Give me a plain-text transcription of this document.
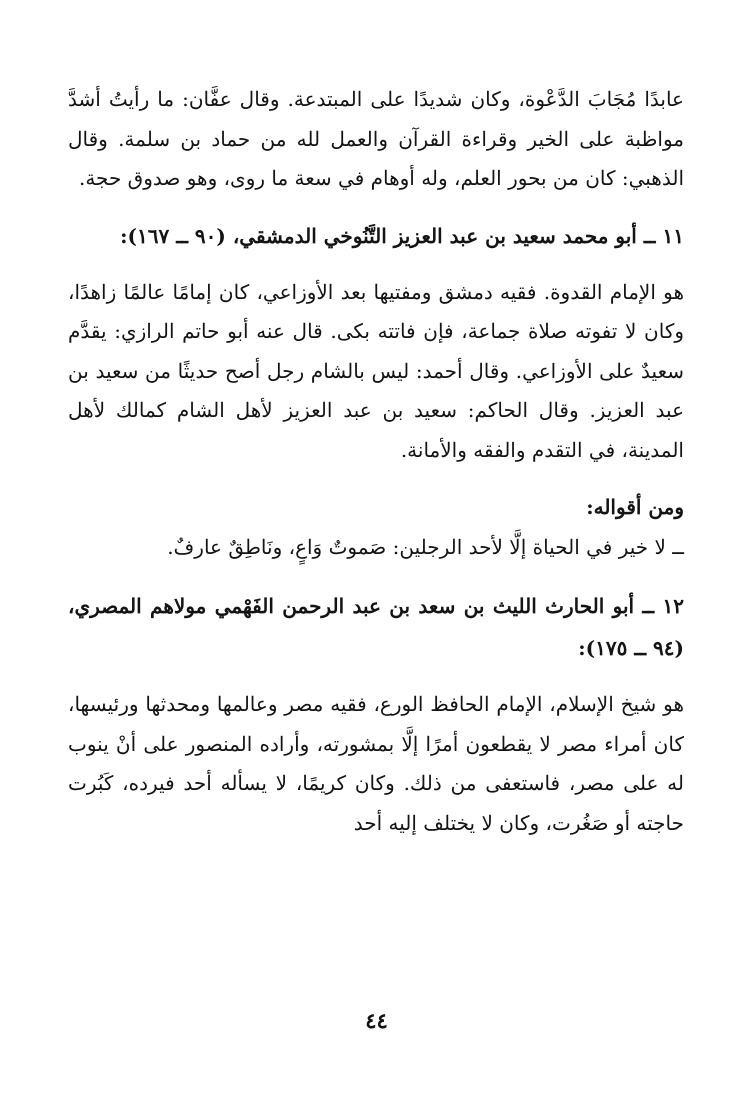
عابدًا مُجَابَ الدَّعْوة، وكان شديدًا على المبتدعة. وقال عفَّان: ما رأيتُ أشدَّ مواظبة على الخير وقراءة القرآن والعمل لله من حماد بن سلمة. وقال الذهبي: كان من بحور العلم، وله أوهام في سعة ما روى، وهو صدوق حجة.

١١ ــ أبو محمد سعيد بن عبد العزيز التَّنُوخي الدمشقي، (٩٠ ــ ١٦٧):

هو الإمام القدوة. فقيه دمشق ومفتيها بعد الأوزاعي، كان إمامًا عالمًا زاهدًا، وكان لا تفوته صلاة جماعة، فإن فاتته بكى. قال عنه أبو حاتم الرازي: يقدَّم سعيدٌ على الأوزاعي. وقال أحمد: ليس بالشام رجل أصح حديثًا من سعيد بن عبد العزيز. وقال الحاكم: سعيد بن عبد العزيز لأهل الشام كمالك لأهل المدينة، في التقدم والفقه والأمانة.

ومن أقواله:

ــ لا خير في الحياة إلَّا لأحد الرجلين: صَموتٌ وَاعٍ، ونَاطِقٌ عارفٌ.

١٢ ــ أبو الحارث الليث بن سعد بن عبد الرحمن الفَهْمي مولاهم المصري، (٩٤ ــ ١٧٥):

هو شيخ الإسلام، الإمام الحافظ الورع، فقيه مصر وعالمها ومحدثها ورئيسها، كان أمراء مصر لا يقطعون أمرًا إلَّا بمشورته، وأراده المنصور على أنْ ينوب له على مصر، فاستعفى من ذلك. وكان كريمًا، لا يسأله أحد فيرده، كَبُرت حاجته أو صَغُرت، وكان لا يختلف إليه أحد

٤٤
